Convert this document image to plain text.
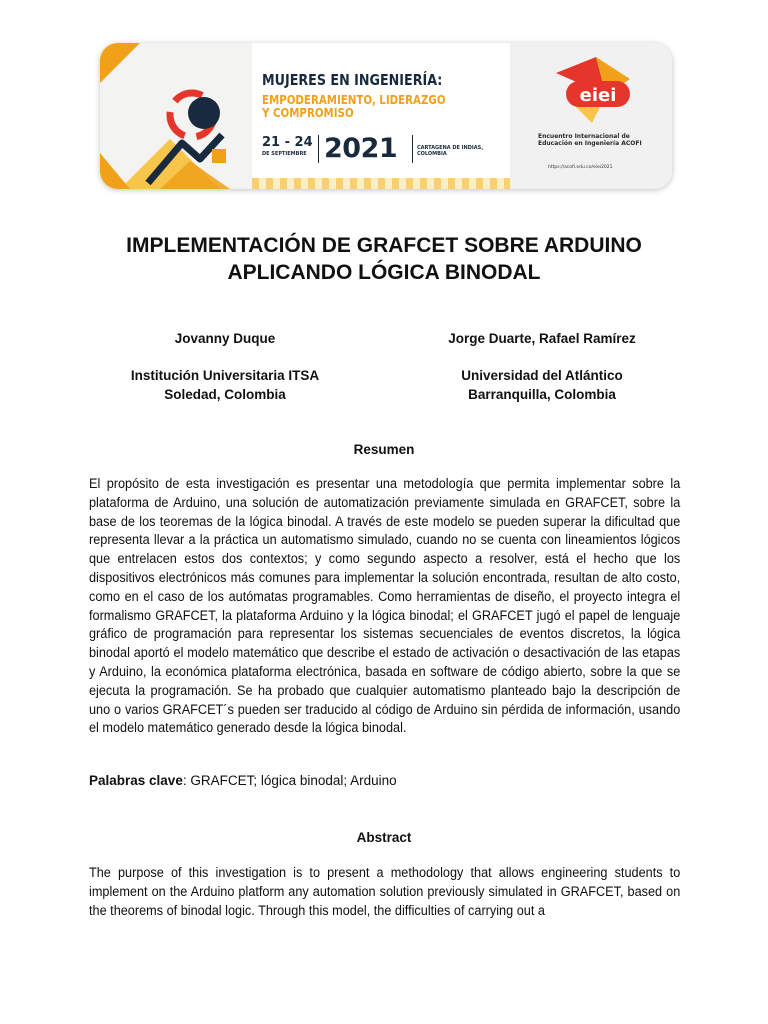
MUJERES EN INGENIERÍA:
EMPODERAMIENTO, LIDERAZGO
Y COMPROMISO
21 - 24
DE SEPTIEMBRE 2021	CARTAGENA DE INDIAS,
COLOMBIA
eiei
Encuentro Internacional de
Educación en Ingeniería ACOFI
https://acofi.edu.co/eiei2021
IMPLEMENTACIÓN DE GRAFCET SOBRE ARDUINO
APLICANDO LÓGICA BINODAL
Jovanny Duque
Institución Universitaria ITSA
Soledad, Colombia
Jorge Duarte, Rafael Ramírez
Universidad del Atlántico
Barranquilla, Colombia
Resumen
El propósito de esta investigación es presentar una metodología que permita implementar sobre la plataforma de Arduino, una solución de automatización previamente simulada en GRAFCET, sobre la base de los teoremas de la lógica binodal. A través de este modelo se pueden superar la dificultad que representa llevar a la práctica un automatismo simulado, cuando no se cuenta con lineamientos lógicos que entrelacen estos dos contextos; y como segundo aspecto a resolver, está el hecho que los dispositivos electrónicos más comunes para implementar la solución encontrada, resultan de alto costo, como en el caso de los autómatas programables. Como herramientas de diseño, el proyecto integra el formalismo GRAFCET, la plataforma Arduino y la lógica binodal; el GRAFCET jugó el papel de lenguaje gráfico de programación para representar los sistemas secuenciales de eventos discretos, la lógica binodal aportó el modelo matemático que describe el estado de activación o desactivación de las etapas y Arduino, la económica plataforma electrónica, basada en software de código abierto, sobre la que se ejecuta la programación. Se ha probado que cualquier automatismo planteado bajo la descripción de uno o varios GRAFCET´s pueden ser traducido al código de Arduino sin pérdida de información, usando el modelo matemático generado desde la lógica binodal.
Palabras clave: GRAFCET; lógica binodal; Arduino
Abstract
The purpose of this investigation is to present a methodology that allows engineering students to implement on the Arduino platform any automation solution previously simulated in GRAFCET, based on the theorems of binodal logic. Through this model, the difficulties of carrying out a
